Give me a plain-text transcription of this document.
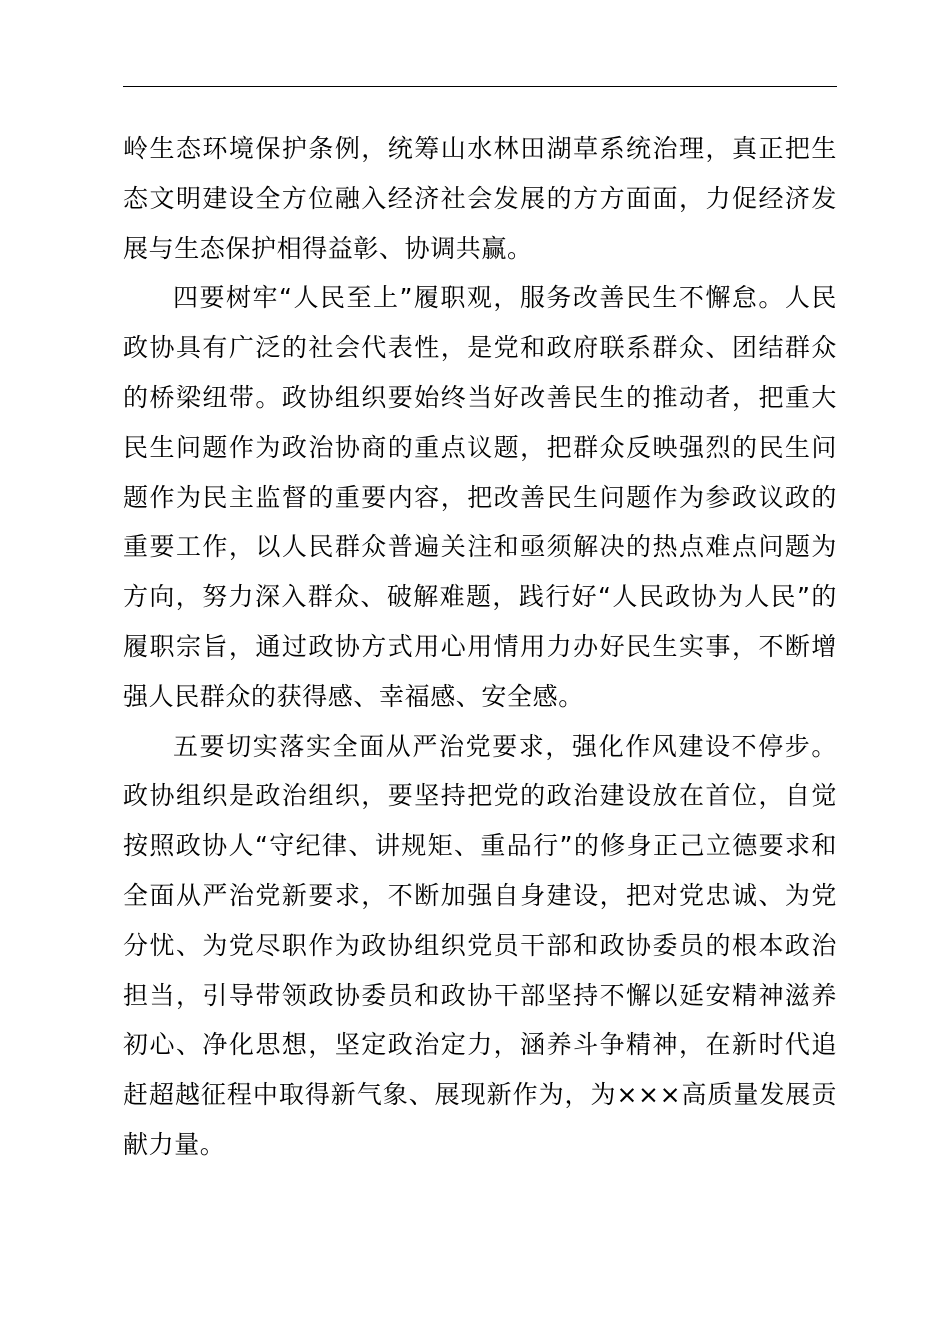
岭生态环境保护条例，统筹山水林田湖草系统治理，真正把生态文明建设全方位融入经济社会发展的方方面面，力促经济发展与生态保护相得益彰、协调共赢。

四要树牢“人民至上”履职观，服务改善民生不懈怠。人民政协具有广泛的社会代表性，是党和政府联系群众、团结群众的桥梁纽带。政协组织要始终当好改善民生的推动者，把重大民生问题作为政治协商的重点议题，把群众反映强烈的民生问题作为民主监督的重要内容，把改善民生问题作为参政议政的重要工作，以人民群众普遍关注和亟须解决的热点难点问题为方向，努力深入群众、破解难题，践行好“人民政协为人民”的履职宗旨，通过政协方式用心用情用力办好民生实事，不断增强人民群众的获得感、幸福感、安全感。

五要切实落实全面从严治党要求，强化作风建设不停步。政协组织是政治组织，要坚持把党的政治建设放在首位，自觉按照政协人“守纪律、讲规矩、重品行”的修身正己立德要求和全面从严治党新要求，不断加强自身建设，把对党忠诚、为党分忧、为党尽职作为政协组织党员干部和政协委员的根本政治担当，引导带领政协委员和政协干部坚持不懈以延安精神滋养初心、净化思想，坚定政治定力，涵养斗争精神，在新时代追赶超越征程中取得新气象、展现新作为，为×××高质量发展贡献力量。
